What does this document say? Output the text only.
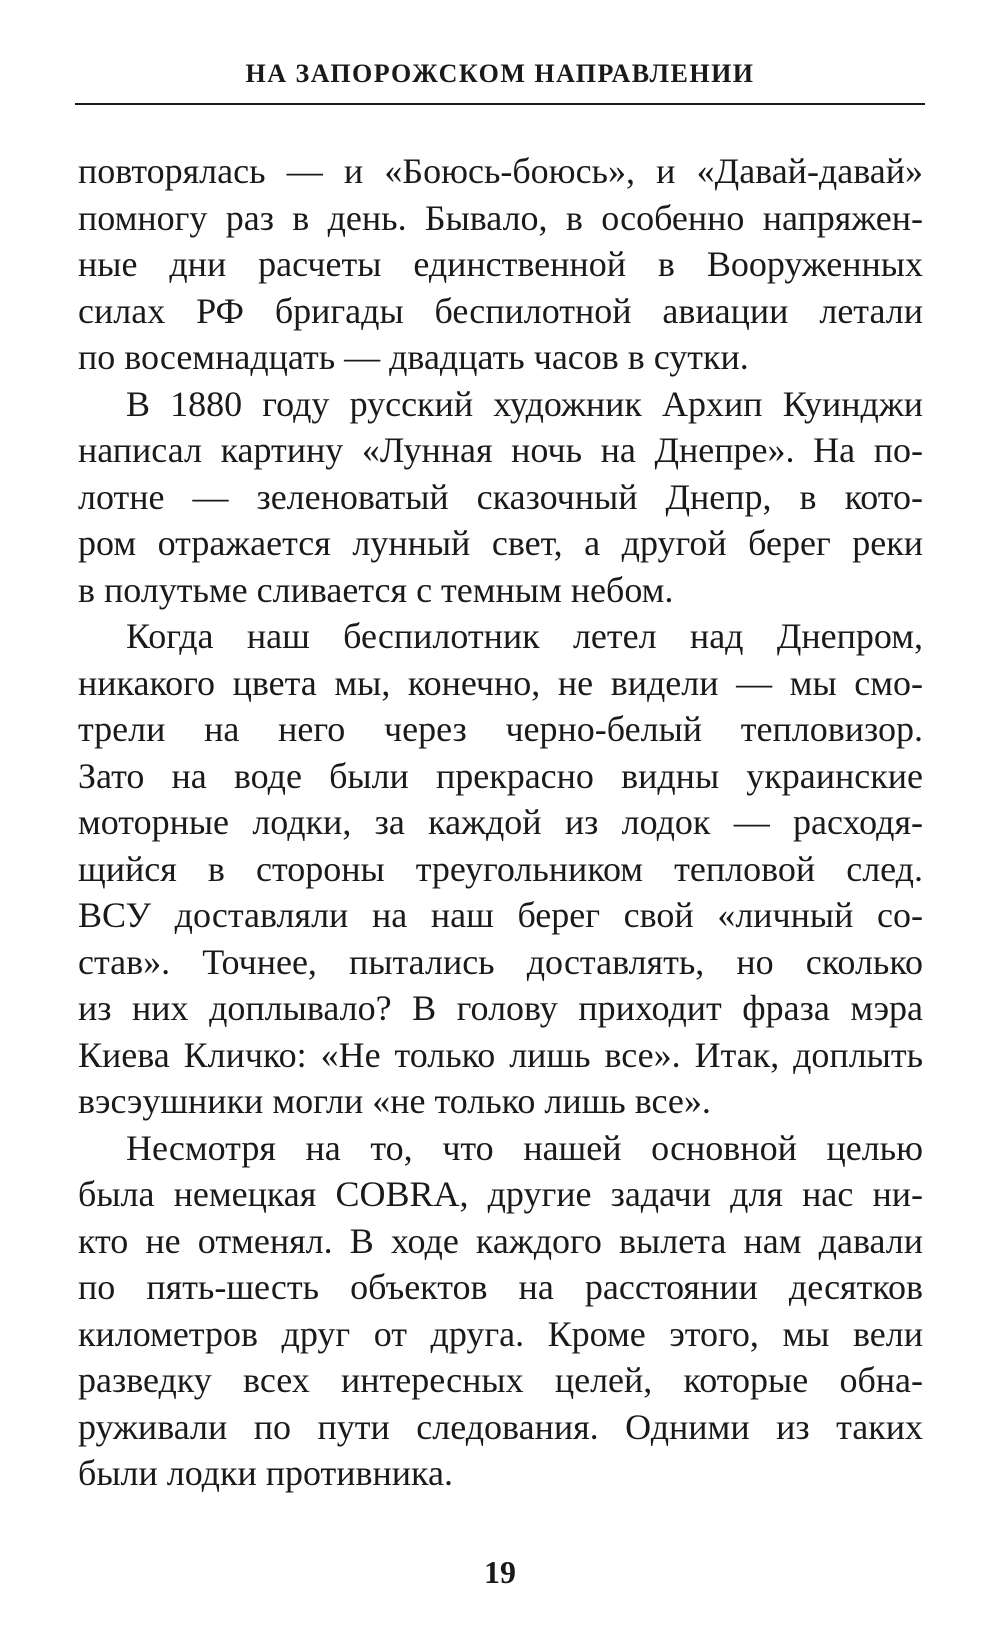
НА ЗАПОРОЖСКОМ НАПРАВЛЕНИИ
повторялась — и «Боюсь-боюсь», и «Давай-давай»
помногу раз в день. Бывало, в особенно напряжен-
ные дни расчеты единственной в Вооруженных
силах РФ бригады беспилотной авиации летали
по восемнадцать — двадцать часов в сутки.
В 1880 году русский художник Архип Куинджи
написал картину «Лунная ночь на Днепре». На по-
лотне — зеленоватый сказочный Днепр, в кото-
ром отражается лунный свет, а другой берег реки
в полутьме сливается с темным небом.
Когда наш беспилотник летел над Днепром,
никакого цвета мы, конечно, не видели — мы смо-
трели на него через черно-белый тепловизор.
Зато на воде были прекрасно видны украинские
моторные лодки, за каждой из лодок — расходя-
щийся в стороны треугольником тепловой след.
ВСУ доставляли на наш берег свой «личный со-
став». Точнее, пытались доставлять, но сколько
из них доплывало? В голову приходит фраза мэра
Киева Кличко: «Не только лишь все». Итак, доплыть
вэсэушники могли «не только лишь все».
Несмотря на то, что нашей основной целью
была немецкая COBRA, другие задачи для нас ни-
кто не отменял. В ходе каждого вылета нам давали
по пять-шесть объектов на расстоянии десятков
километров друг от друга. Кроме этого, мы вели
разведку всех интересных целей, которые обна-
руживали по пути следования. Одними из таких
были лодки противника.
19
